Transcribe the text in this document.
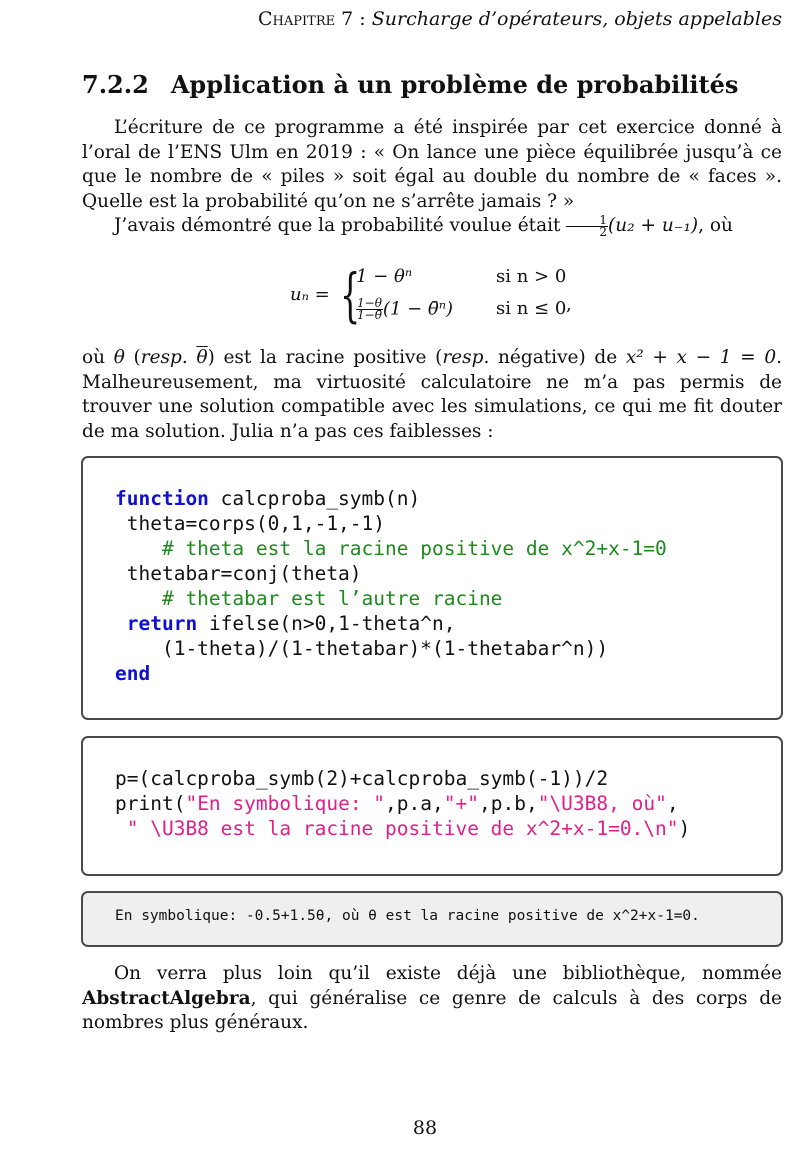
Chapitre 7 : Surcharge d’opérateurs, objets appelables
7.2.2 Application à un problème de probabilités
L’écriture de ce programme a été inspirée par cet exercice donné à l’oral de l’ENS Ulm en 2019 : « On lance une pièce équilibrée jusqu’à ce que le nombre de « piles » soit égal au double du nombre de « faces ». Quelle est la probabilité qu’on ne s’arrête jamais ? »
J’avais démontré que la probabilité voulue était $\frac{1}{2} (u_2 + u_{-1})$, où
uₙ = {
1 − θⁿ
$\frac{1-\theta}{1-\thetā} (1$ − θ̄ⁿ)
si n > 0
si n ≤ 0 ,
où θ (resp. $\overline{\theta}$) est la racine positive (resp. négative) de x² + x − 1 = 0. Malheureusement, ma virtuosité calculatoire ne m’a pas permis de trouver une solution compatible avec les simulations, ce qui me fit douter de ma solution. Julia n’a pas ces faiblesses :
function calcproba_symb(n)
theta=corps(0,1,-1,-1)
# theta est la racine positive de x^2+x-1=0
thetabar=conj(theta)
# thetabar est l’autre racine
return ifelse(n>0,1-theta^n,
(1-theta)/(1-thetabar)*(1-thetabar^n))
end
p=(calcproba_symb(2)+calcproba_symb(-1))/2
print("En symbolique: ",p.a,"+",p.b,"\U3B8, où",
" \U3B8 est la racine positive de x^2+x-1=0.\n")
En symbolique: -0.5+1.5θ, où θ est la racine positive de x^2+x-1=0.
On verra plus loin qu’il existe déjà une bibliothèque, nommée AbstractAlgebra, qui généralise ce genre de calculs à des corps de nombres plus généraux.
88
